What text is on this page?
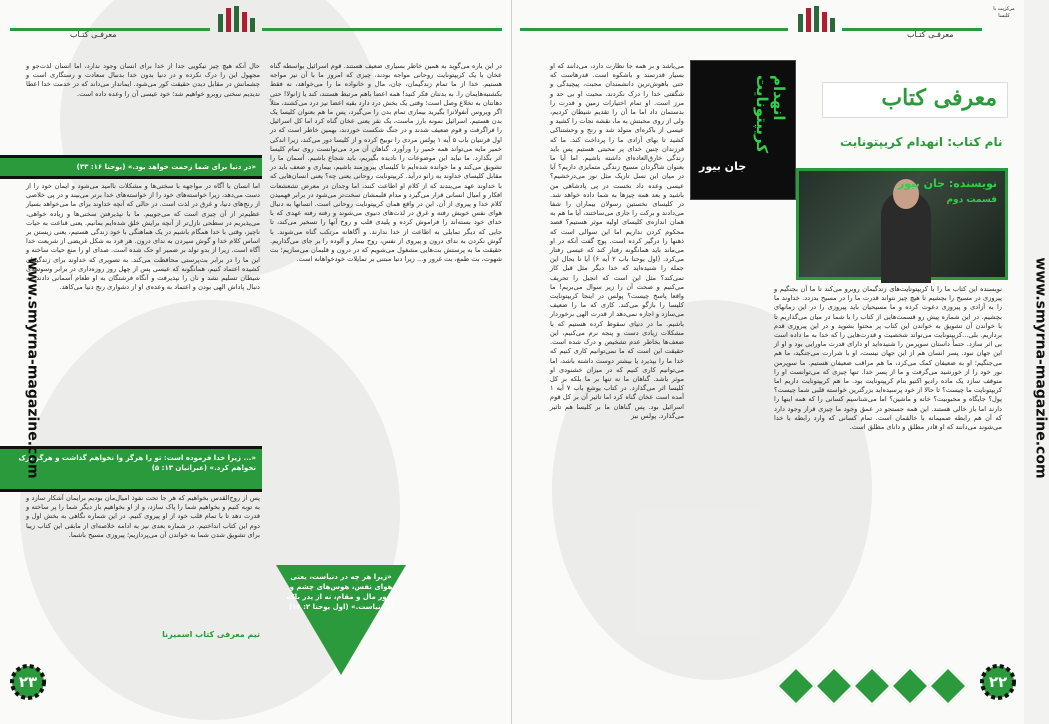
معرفـی کتـاب
در این باره می‌گوید به همین خاطر بسیاری ضعیف هستند. قوم اسرائیل بواسطه گناه عخان با یک کریپتونایت روحانی مواجه بودند، چیزی که امروز ما با آن نیز مواجه هستیم. خدا از ما تمام زندگیمان، جان، مال و خانواده ما را می‌خواهد، نه فقط بکشنبه‌هایمان را. به بدنتان فکر کنید! همه اعضا باهم مرتبط هستند، کند یا ژانولا! حتی دهانتان به تخلاع وصل است؛ وقتی یک بخش درد دارد بقیه اعضا نیز درد می‌کشند، مثلاً اگر ویروس آنفولانزا بگیرید بیماری تمام بدن را می‌گیرد، پس ما هم بعنوان کلیسا یک بدن هستیم. اسرائیل نمونه بارز ماست، یک نفر یعنی عخان گناه کرد اما کل اسرائیل را فراگرفت و قوم ضعیف شدند و در جنگ شکست خوردند، بهمین خاطر است که در اول قرنتیان باب ۵ آیه ۱ پولس مردی را توبیخ کرده و از کلیسا دور می‌کند، زیرا اندکی خمیر مایه می‌تواند همه خمیر را ورآورد. گناهان آن مرد می‌توانست روی تمام کلیسا اثر بگذارد. ما نباید این موضوعات را نادیده بگیریم، باید شجاع باشیم. آسمان ما را تشویق می‌کند و ما خوانده شده‌ایم تا کلیسای پیروزمند باشیم، بیماری و ضعف باید در مقابل کلیسای خداوند به زانو درآید. کریپتونایت روحانی یعنی چه؟ یعنی انسان‌هایی که با خداوند عهد می‌بندند که از کلام او اطاعت کنند، اما وجدان در معرض تشعشعات افکار و امیال انسانی قرار می‌گیرد و مدام قلبمشان سخت‌تر می‌شود در برابر فهمیدن کلام خدا و پیروی از آن. این در واقع همان کریپتونایت روحانی است. انسانها به دنبال هوای نفس خویش رفته و غرق در لذت‌های دنیوی می‌شوند و رفته رفته عهدی که با خدای خود بسته‌اند را فراموش کرده و پلیدی قلب و روح آنها را تسخیر می‌کند، تا جایی که دیگر تمایلی به اطاعت از خدا ندارند. و آگاهانه مرتکب گناه می‌شوند. با گوش نکردن به ندای درون و پیروی از نفس، روح بیمار و آلوده را بر جای می‌گذاریم. حقیقت ما به پرستش بت‌هایی مشغول می‌شویم که در درون و قلبمان می‌سازیم؛ بت شهوت، بت طمع، بت غرور و... زیرا دنیا مبتنی بر تمایلات خودخواهانه است.
حال آنکه هیچ چیز نیکویی جدا از خدا برای انسان وجود ندارد، اما انسان لذت‌جو و مجهول این را درک نکرده و در دنیا بدون خدا بدنبال سعادت و رستگاری است و چشمانش در مقابل دیدن حقیقت کور می‌شود. ایماندار می‌داند که در خدمت خدا اعطا ندیدیم سخنی روبرو خواهیم شد؛ خود عیسی آن را وعده داده است.
«در دنیا برای شما زحمت خواهد بود.» (یوحنا ۱۶: ۳۳)
اما انسان با آگاه در مواجهه با سختی‌ها و مشکلات ناامید می‌شود و ایمان خود را از دست می‌دهد، زیرا خواسته‌های خود را از خواسته‌های خدا برتر می‌بیند و در پی خلاصی از رنج‌های دنیا، و غرق در لذت است. در حالی که آنچه خداوند برای ما می‌خواهد بسیار عظیم‌تر از آن چیزی است که می‌جوییم. ما با نپذیرفتن سختی‌ها و زیاده خواهی، می‌پذیریم در سطحی نازل‌تر از آنچه برایش خلق شده‌ایم بمانیم. یعنی قناعت به حیات ناچیز، وقتی با خدا همگام باشیم در یک هماهنگی با خود زندگی هستیم، یعنی زیستن بر اساس کلام خدا و گوش سپردن به ندای درون. هر فرد به شکل غریضی از شریعت خدا آگاه است. زیرا از بدو تولد بر ضمیر او حک شده است. صدای او را منع حیات ساخته و این ما را در برابر بت‌پرستی محافظت می‌کند. به تصویری که خداوند برای زندگیمان کشیده اعتماد کنیم، همانگونه که عیسی پس از چهل روز روزه‌داری در برابر وسوسه‌ی شیطان تسلیم نشد و نان را نپذیرفت و آنگاه فرشتگان به او طعام آسمانی دادند. به دنبال پاداش الهی بودن و اعتماد به وعده‌ی او از دشواری رنج دنیا می‌کاهد.
«... زیرا خدا فرموده است: تو را هرگز وا نخواهم گذاشت و هرگز ترک نخواهم کرد.» (عبرانیان ۱۳: ۵)
پس از روح‌القدس بخواهیم که هر جا تحت نفوذ امیال‌مان بودیم برایمان آشکار سازد و به توبه کنیم و بخواهیم شما را پاک سازد، و از او بخواهیم باز دیگر شما را پر ساخته و قدرت دهد تا با تمام قلب خود از او پیروی کنیم. در این شماره نگاهی به بخش اول و دوم این کتاب انداختیم. در شماره بعدی نیز به ادامه خلاصه‌ای از مابقی این کتاب زیبا برای تشویق شدن شما به خواندن آن می‌پردازیم؛ پیروزی مسیح باشما.
تیم معرفی کتاب اسمیرنا
«زیرا هر چه در دنیاست، یعنی هوای نفس، هوس‌های چشم و غرور مال و مقام، نه از پدر بلکه از دنیاست.» (اول یوحنا ۲: ۱۶)
www.smyrna-magazine.com
۲۳
معرفـی کتـاب
مرکزیت با کلیسا
می‌باشد و بر همه جا نظارت دارد، می‌دانند که او بسیار قدرتمند و باشکوه است. قدرهاست که حتی باهوش‌ترین دانشمندان محبت، پیچیدگی و شگفتی خدا را درک نکردند. محبت او بی حد و مرز است. او تمام اختیارات زمین و قدرت را بدستمان داد اما ما آن را تقدیم شیطان کردیم، ولی از روی محبتش به ما، نقشه نجات را کشید و عیسی از باکره‌ای متولد شد و رنج و وحشتناکی کشید تا بهای آزادی ما را پرداخت کند. ما که فرزندان چنین خدای پر محبتی هستیم پس باید زندگی خارق‌العاده‌ای داشته باشیم. اما آیا ما بعنوان شاگردان مسیح زندگی متمایزی داریم؟ آیا در میان این نسل تاریک مثل نور می‌درخشیم؟ عیسی وعده داد نخست در پی پادشاهی من باشید و بعد همه چیزها به شما داده خواهد شد. در کلیسای نخستین رسولان بیماران را شفا می‌دادند و برکت را جاری می‌ساختند، آیا ما هم به همان اندازه‌ی کلیسای اولیه موثر هستیم؟ قصد محکوم کردن نداریم اما این سوالی است که ذهنها را درگیر کرده است. پوچ گفت آنکه در او می‌ماند باید همانگونه رفتار کند که عیسی رفتار می‌کرد. (اول یوحنا باب ۲ آیه ۶) آیا تا بحال این جمله را شنیده‌اید که خدا دیگر مثل قبل کار نمی‌کند؟ مثل این است که انجیل را تحریف می‌کنیم و صحت آن را زیر سوال می‌بریم! ما واقعا پاسخ چیست؟ پولس در اینجا کریپتونایت کلیسا را بازگو می‌کند. کاری که ما را ضعیف می‌سازد و اجازه نمی‌دهد از قدرت الهی برخوردار باشیم. ما در دنیای سقوط کرده هستیم که با مشکلات زیادی دست و پنجه نرم می‌کنیم، این ضعف‌ها بخاطر عدم تشخیص و درک شده است. حقیقت این است که ما نمی‌توانیم کاری کنیم که خدا ما را بپذیرد یا بیشتر دوست داشته باشد، اما می‌توانیم کاری کنیم که در میزان خشنودی او موثر باشد. گناهان ما نه تنها بر ما بلکه بر کل کلیسا اثر می‌گذارد. در کتاب یوشع باب ۷ آیه ۱ آمده است عخان گناه کرد اما تاثیر آن بر کل قوم اسرائیل بود. پس گناهان ما بر کلیسا هم تاثیر می‌گذارد. پولس نیز
نویسنده این کتاب ما را با کریپتونایت‌های زندگیمان روبرو می‌کند تا ما آن بجنگیم و پیروزی در مسیح را بچشیم تا هیچ چیز نتواند قدرت ما را در مسیح بدزدد. خداوند ما را به آزادی و پیروزی دعوت کرده و ما مسیحیان باید پیروزی را در این زمانهای بچشیم. در این شماره پیش رو قسمت‌هایی از کتاب را با شما در میان می‌گذاریم تا با خواندن آن تشویق به خواندن این کتاب پر محتوا بشوید و در این پیروزی قدم برداریم. بلی...کریپتونایت می‌تواند شخصیت و قدرت‌هایی را که خدا به ما داده است بی اثر سازد. حتماً داستان سوپرمن را شنیده‌اید او دارای قدرت ماورایی بود و او از این جهان نبود. پسر انسان هم از این جهان نیست، او با شرارت می‌جنگید، ما هم می‌جنگیم؛ او به ضعیفان کمک می‌کرد، ما هم مراقب ضعیفان هستیم. ما سوپرمن نور خود را از خورشید می‌گرفت و ما از پسر خدا. تنها چیزی که می‌توانست او را متوقف سازد یک ماده رادیو اکتیو بنام کریپتونایت بود. ما هم کریپتونایت داریم اما کریپتونایت ما چیست؟ تا حالا از خود پرسیده‌اید بزرگترین خواسته قلبی شما چیست؟ پول؟ جایگاه و محبوبیت؟ خانه و ماشین؟ اما می‌شناسیم کسانی را که همه اینها را دارند اما باز خالی هستند. این همه جستجو در عمق وجود ما چیزی قرار وجود دارد که آن هم رابطه صمیمانه با خالقمان است. تمام کسانی که وارد رابطه با خدا می‌شوند می‌دانند که او قادر مطلق و دانای مطلق است. www.smyrna-magazine.com
۲۲
معرفی کتاب
نام کتاب: انهدام کریپتونایت
انهدام کریپتونایت
جان بیور
نویسنده: جان بیور
قسمت دوم
